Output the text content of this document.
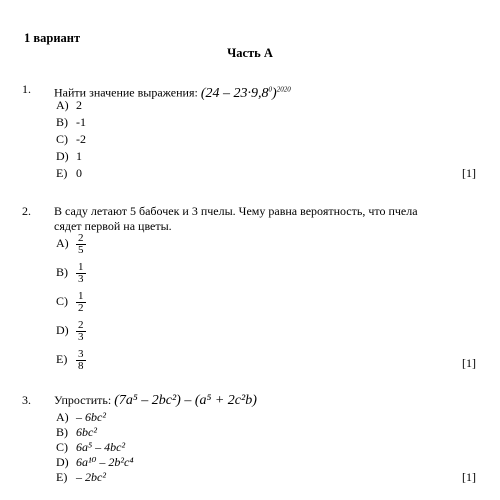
1 вариант
Часть А
1. Найти значение выражения: $(24 - 23\cdot 9,8^0)^{2020}$
A) 2
B) -1
C) -2
D) 1
E) 0	[1]
2. В саду летают 5 бабочек и 3 пчелы. Чему равна вероятность, что пчела
сядет первой на цветы.
$A) \frac{2}{5}$
$B) \frac{1}{3}$
$C) \frac{1}{2}$
$D) \frac{2}{3}$
$E) \frac{3}{8}$	[1]
3. Упростить: (7a⁵ – 2bc²) – (a⁵ + 2c²b)
A) – 6bc²
B) 6bc²
C) 6a⁵ – 4bc²
D) 6a¹⁰ – 2b²c⁴
E) – 2bc²	[1]
